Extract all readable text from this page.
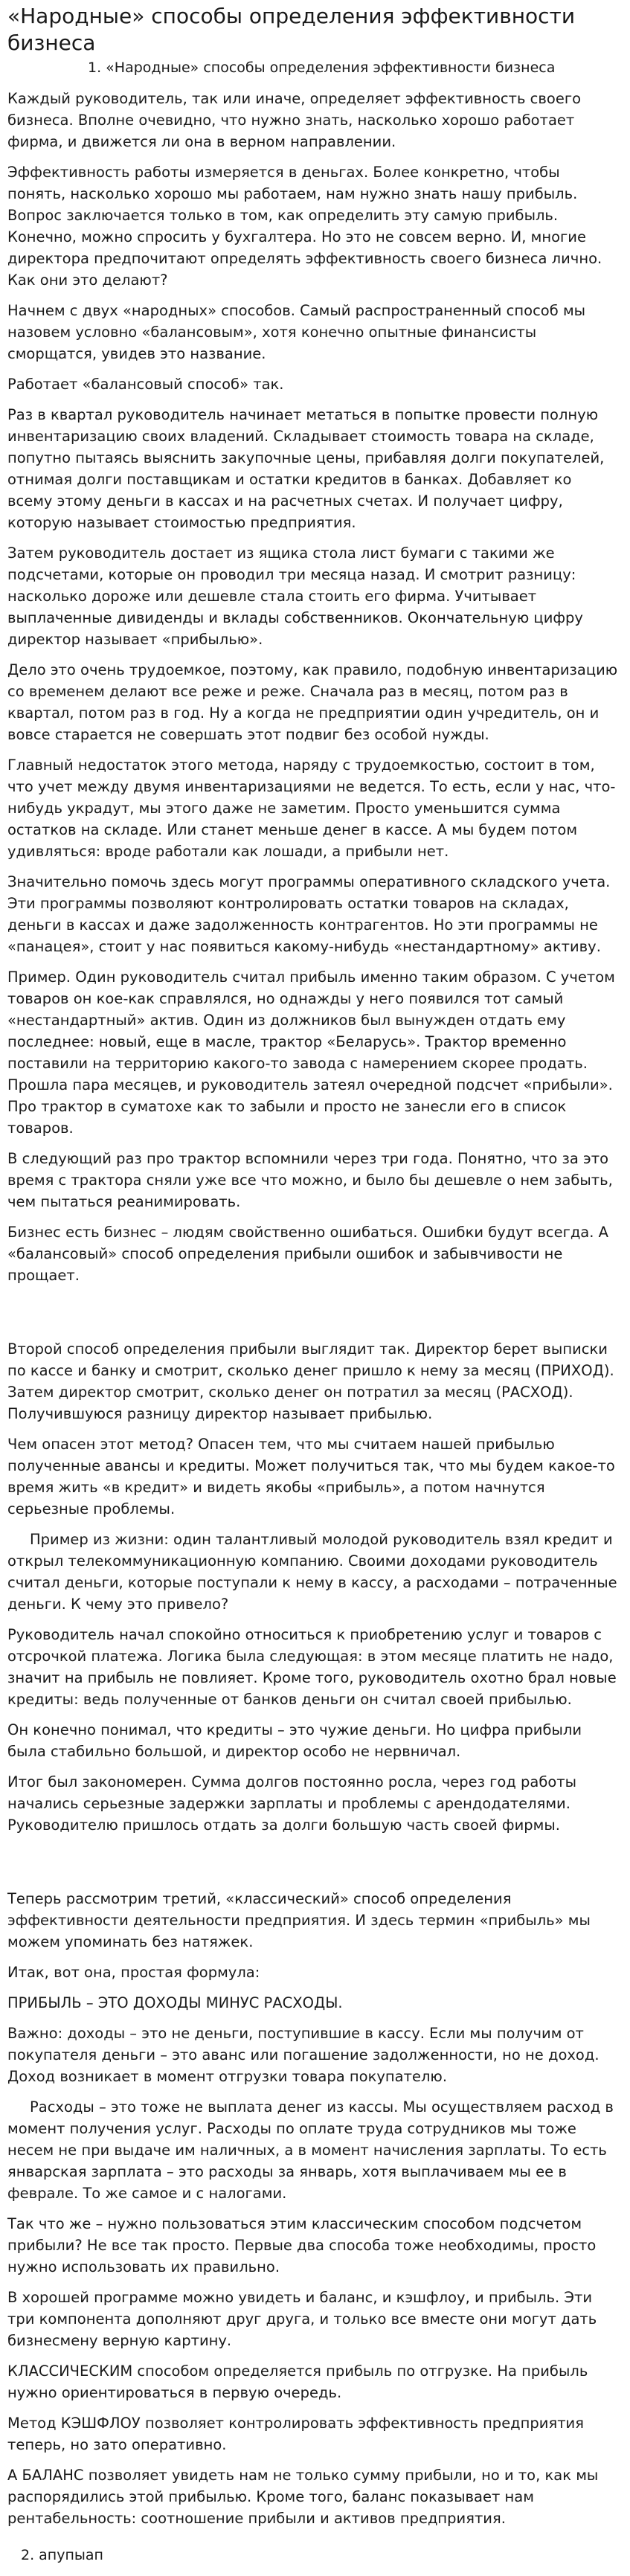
«Народные» способы определения эффективности бизнеса
1. «Народные» способы определения эффективности бизнеса

Каждый руководитель, так или иначе, определяет эффективность своего бизнеса. Вполне очевидно, что нужно знать, насколько хорошо работает фирма, и движется ли она в верном направлении.

Эффективность работы измеряется в деньгах. Более конкретно, чтобы понять, насколько хорошо мы работаем, нам нужно знать нашу прибыль. Вопрос заключается только в том, как определить эту самую прибыль. Конечно, можно спросить у бухгалтера. Но это не совсем верно. И, многие директора предпочитают определять эффективность своего бизнеса лично. Как они это делают?

Начнем с двух «народных» способов. Самый распространенный способ мы назовем условно «балансовым», хотя конечно опытные финансисты сморщатся, увидев это название.

Работает «балансовый способ» так.

Раз в квартал руководитель начинает метаться в попытке провести полную инвентаризацию своих владений. Складывает стоимость товара на складе, попутно пытаясь выяснить закупочные цены, прибавляя долги покупателей, отнимая долги поставщикам и остатки кредитов в банках. Добавляет ко всему этому деньги в кассах и на расчетных счетах. И получает цифру, которую называет стоимостью предприятия.

Затем руководитель достает из ящика стола лист бумаги с такими же подсчетами, которые он проводил три месяца назад. И смотрит разницу: насколько дороже или дешевле стала стоить его фирма. Учитывает выплаченные дивиденды и вклады собственников. Окончательную цифру директор называет «прибылью».

Дело это очень трудоемкое, поэтому, как правило, подобную инвентаризацию со временем делают все реже и реже. Сначала раз в месяц, потом раз в квартал, потом раз в год. Ну а когда не предприятии один учредитель, он и вовсе старается не совершать этот подвиг без особой нужды.

Главный недостаток этого метода, наряду с трудоемкостью, состоит в том, что учет между двумя инвентаризациями не ведется. То есть, если у нас, что-нибудь украдут, мы этого даже не заметим. Просто уменьшится сумма остатков на складе. Или станет меньше денег в кассе. А мы будем потом удивляться: вроде работали как лошади, а прибыли нет.

Значительно помочь здесь могут программы оперативного складского учета. Эти программы позволяют контролировать остатки товаров на складах, деньги в кассах и даже задолженность контрагентов. Но эти программы не «панацея», стоит у нас появиться какому-нибудь «нестандартному» активу.

Пример. Один руководитель считал прибыль именно таким образом. С учетом товаров он кое-как справлялся, но однажды у него появился тот самый «нестандартный» актив. Один из должников был вынужден отдать ему последнее: новый, еще в масле, трактор «Беларусь». Трактор временно поставили на территорию какого-то завода с намерением скорее продать. Прошла пара месяцев, и руководитель затеял очередной подсчет «прибыли». Про трактор в суматохе как то забыли и просто не занесли его в список товаров.

В следующий раз про трактор вспомнили через три года. Понятно, что за это время с трактора сняли уже все что можно, и было бы дешевле о нем забыть, чем пытаться реанимировать.

Бизнес есть бизнес – людям свойственно ошибаться. Ошибки будут всегда. А «балансовый» способ определения прибыли ошибок и забывчивости не прощает.

Второй способ определения прибыли выглядит так. Директор берет выписки по кассе и банку и смотрит, сколько денег пришло к нему за месяц (ПРИХОД). Затем директор смотрит, сколько денег он потратил за месяц (РАСХОД). Получившуюся разницу директор называет прибылью.

Чем опасен этот метод? Опасен тем, что мы считаем нашей прибылью полученные авансы и кредиты. Может получиться так, что мы будем какое-то время жить «в кредит» и видеть якобы «прибыль», а потом начнутся серьезные проблемы.

Пример из жизни: один талантливый молодой руководитель взял кредит и открыл телекоммуникационную компанию. Своими доходами руководитель считал деньги, которые поступали к нему в кассу, а расходами – потраченные деньги. К чему это привело?

Руководитель начал спокойно относиться к приобретению услуг и товаров с отсрочкой платежа. Логика была следующая: в этом месяце платить не надо, значит на прибыль не повлияет. Кроме того, руководитель охотно брал новые кредиты: ведь полученные от банков деньги он считал своей прибылью.

Он конечно понимал, что кредиты – это чужие деньги. Но цифра прибыли была стабильно большой, и директор особо не нервничал.

Итог был закономерен. Сумма долгов постоянно росла, через год работы начались серьезные задержки зарплаты и проблемы с арендодателями. Руководителю пришлось отдать за долги большую часть своей фирмы.

Теперь рассмотрим третий, «классический» способ определения эффективности деятельности предприятия. И здесь термин «прибыль» мы можем упоминать без натяжек.

Итак, вот она, простая формула:

ПРИБЫЛЬ – ЭТО ДОХОДЫ МИНУС РАСХОДЫ.

Важно: доходы – это не деньги, поступившие в кассу. Если мы получим от покупателя деньги – это аванс или погашение задолженности, но не доход. Доход возникает в момент отгрузки товара покупателю.

Расходы – это тоже не выплата денег из кассы. Мы осуществляем расход в момент получения услуг. Расходы по оплате труда сотрудников мы тоже несем не при выдаче им наличных, а в момент начисления зарплаты. То есть январская зарплата – это расходы за январь, хотя выплачиваем мы ее в феврале. То же самое и с налогами.

Так что же – нужно пользоваться этим классическим способом подсчетом прибыли? Не все так просто. Первые два способа тоже необходимы, просто нужно использовать их правильно.

В хорошей программе можно увидеть и баланс, и кэшфлоу, и прибыль. Эти три компонента дополняют друг друга, и только все вместе они могут дать бизнесмену верную картину.

КЛАССИЧЕСКИМ способом определяется прибыль по отгрузке. На прибыль нужно ориентироваться в первую очередь.

Метод КЭШФЛОУ позволяет контролировать эффективность предприятия теперь, но зато оперативно.

А БАЛАНС позволяет увидеть нам не только сумму прибыли, но и то, как мы распорядились этой прибылью. Кроме того, баланс показывает нам рентабельность: соотношение прибыли и активов предприятия.

2. апупыап
